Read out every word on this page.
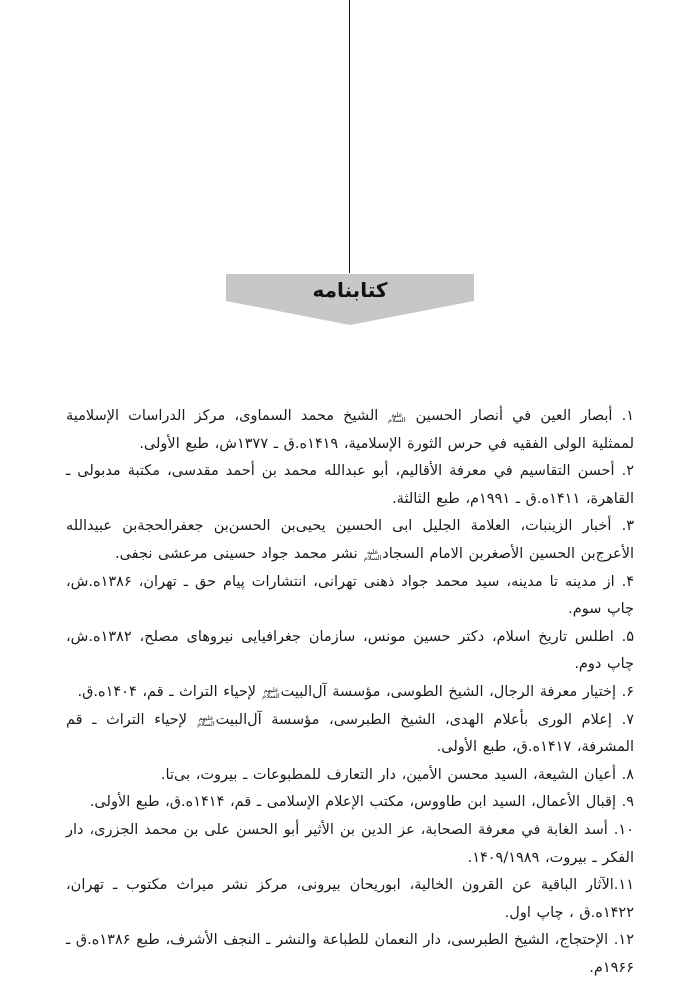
كتابنامه

۱. أبصار العين في أنصار الحسين عليه السلام الشيخ محمد السماوى، مركز الدراسات الإسلامية لممثلية الولى الفقيه في حرس الثورة الإسلامية، ۱۴۱۹ه.ق ـ ۱۳۷۷ش، طبع الأولى.

۲. أحسن التقاسيم في معرفة الأقاليم، أبو عبدالله محمد بن أحمد مقدسى، مكتبة مدبولى ـ القاهرة، ۱۴۱۱ه.ق ـ ۱۹۹۱م، طبع الثالثة.

۳. أخبار الزينبات، العلامة الجليل ابى الحسين يحيى‌بن الحسن‌بن جعفرالحجةبن عبيدالله الأعرج‌بن الحسين الأصغربن الامام السجادعليه السلام نشر محمد جواد حسينى مرعشى نجفى.

۴. از مدينه تا مدينه، سيد محمد جواد ذهنى تهرانى، انتشارات پيام حق ـ تهران، ۱۳۸۶ه.ش، چاپ سوم.

۵. اطلس تاريخ اسلام، دكتر حسين مونس، سازمان جغرافيايى نيروهاى مصلح، ۱۳۸۲ه.ش، چاپ دوم.

۶. إختيار معرفة الرجال، الشيخ الطوسى، مؤسسة آل‌البيتعليهم السلام لإحياء التراث ـ قم، ۱۴۰۴ه.ق.

۷. إعلام الورى بأعلام الهدى، الشيخ الطبرسى، مؤسسة آل‌البيتعليهم السلام لإحياء التراث ـ قم المشرفة، ۱۴۱۷ه.ق، طبع الأولى.

۸. أعيان الشيعة، السيد محسن الأمين، دار التعارف للمطبوعات ـ بيروت، بى‌تا.

۹. إقبال الأعمال، السيد ابن طاووس، مكتب الإعلام الإسلامى ـ قم، ۱۴۱۴ه.ق، طبع الأولى.

۱۰. أسد الغابة في معرفة الصحابة، عز الدين بن الأثير أبو الحسن على بن محمد الجزرى، دار الفكر ـ بيروت، ۱۴۰۹/۱۹۸۹.

۱۱.الآثار الباقية عن القرون الخالية، ابوريحان بيرونى، مركز نشر ميراث مكتوب ـ تهران، ۱۴۲۲ه.ق ، چاپ اول.

۱۲. الإحتجاج، الشيخ الطبرسى، دار النعمان للطباعة والنشر ـ النجف الأشرف، طبع ۱۳۸۶ه.ق ـ ۱۹۶۶م.
